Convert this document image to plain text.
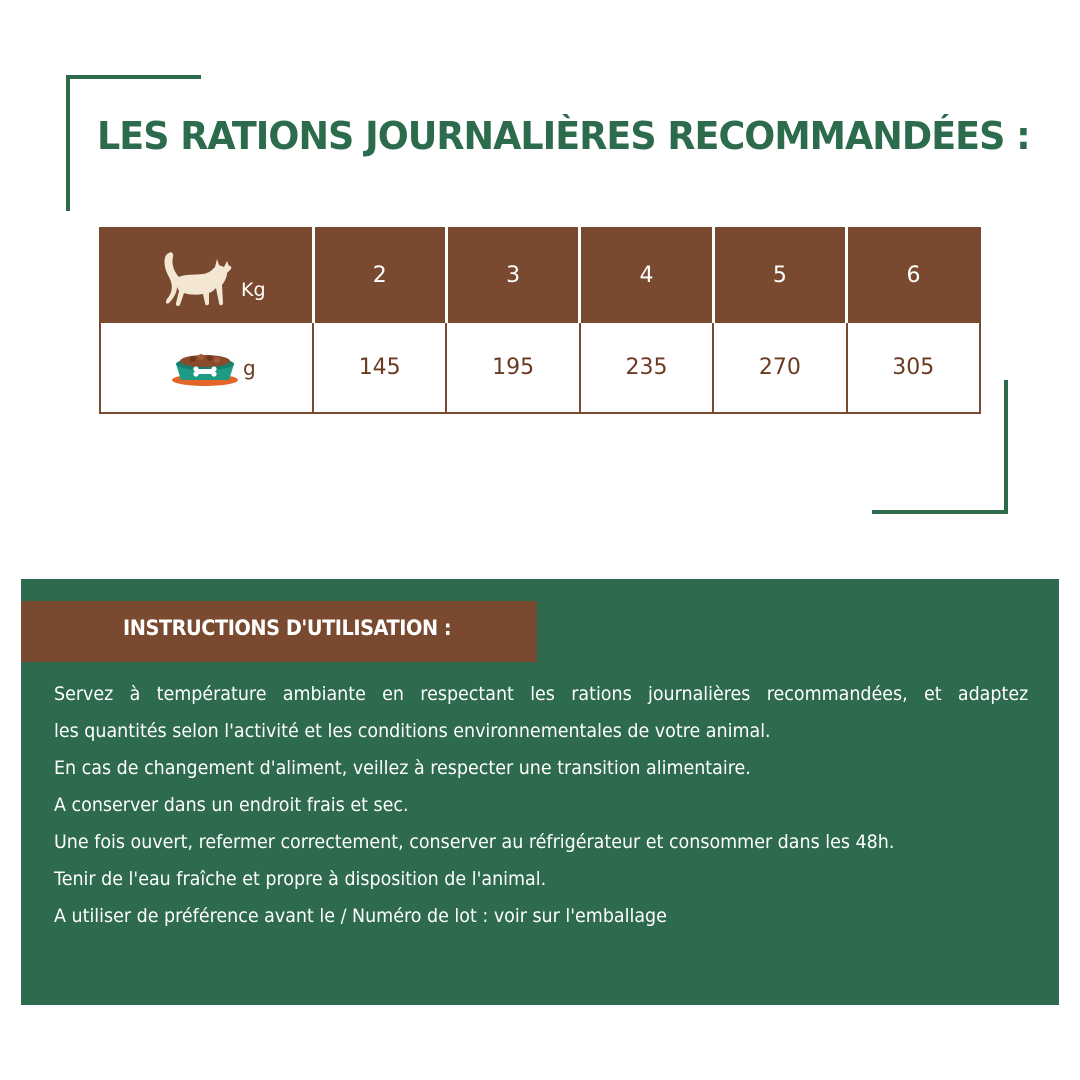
LES RATIONS JOURNALIÈRES RECOMMANDÉES :
Kg	2	3	4	5	6

g	145	195	235	270	305
INSTRUCTIONS D'UTILISATION :

Servez à température ambiante en respectant les rations journalières recommandées, et adaptez

les quantités selon l'activité et les conditions environnementales de votre animal.

En cas de changement d'aliment, veillez à respecter une transition alimentaire.

A conserver dans un endroit frais et sec.

Une fois ouvert, refermer correctement, conserver au réfrigérateur et consommer dans les 48h.

Tenir de l'eau fraîche et propre à disposition de l'animal.

A utiliser de préférence avant le / Numéro de lot : voir sur l'emballage
